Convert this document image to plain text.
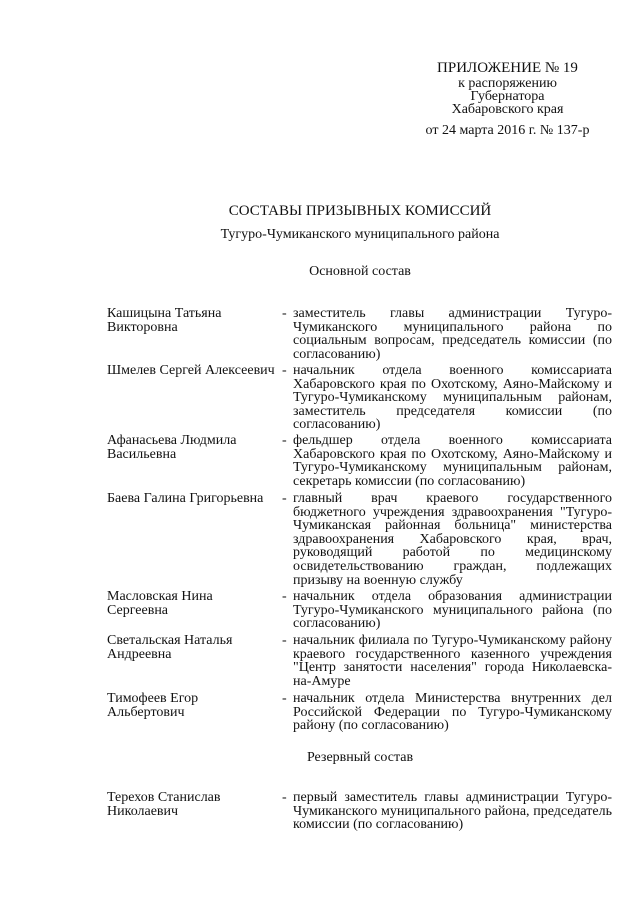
ПРИЛОЖЕНИЕ № 19
к распоряжению
Губернатора
Хабаровского края
от 24 марта 2016 г. № 137-р
СОСТАВЫ ПРИЗЫВНЫХ КОМИССИЙ
Тугуро-Чумиканского муниципального района
Основной состав
Кашицына Татьяна Викторовна
- заместитель главы администрации Тугуро-Чумиканского муниципального района по социальным вопросам, председатель комиссии (по согласованию)
Шмелев Сергей Алексеевич - начальник отдела военного комиссариата Хабаровского края по Охотскому, Аяно-Майскому и Тугуро-Чумиканскому муниципальным районам, заместитель председателя комиссии (по согласованию)
Афанасьева Людмила Васильевна
- фельдшер отдела военного комиссариата Хабаровского края по Охотскому, Аяно-Майскому и Тугуро-Чумиканскому муниципальным районам, секретарь комиссии (по согласованию)
Баева Галина Григорьевна	- главный врач краевого государственного бюджетного учреждения здравоохранения "Тугуро-Чумиканская районная больница" министерства здравоохранения Хабаровского края, врач, руководящий работой по медицинскому освидетельствованию граждан, подлежащих призыву на военную службу
Масловская Нина Сергеевна
- начальник отдела образования администрации Тугуро-Чумиканского муниципального района (по согласованию)
Светальская Наталья Андреевна
- начальник филиала по Тугуро-Чумиканскому району краевого государственного казенного учреждения "Центр занятости населения" города Николаевска-на-Амуре
Тимофеев Егор Альбертович
- начальник отдела Министерства внутренних дел Российской Федерации по Тугуро-Чумиканскому району (по согласованию)
Резервный состав
Терехов Станислав Николаевич
- первый заместитель главы администрации Тугуро-Чумиканского муниципального района, председатель комиссии (по согласованию)
